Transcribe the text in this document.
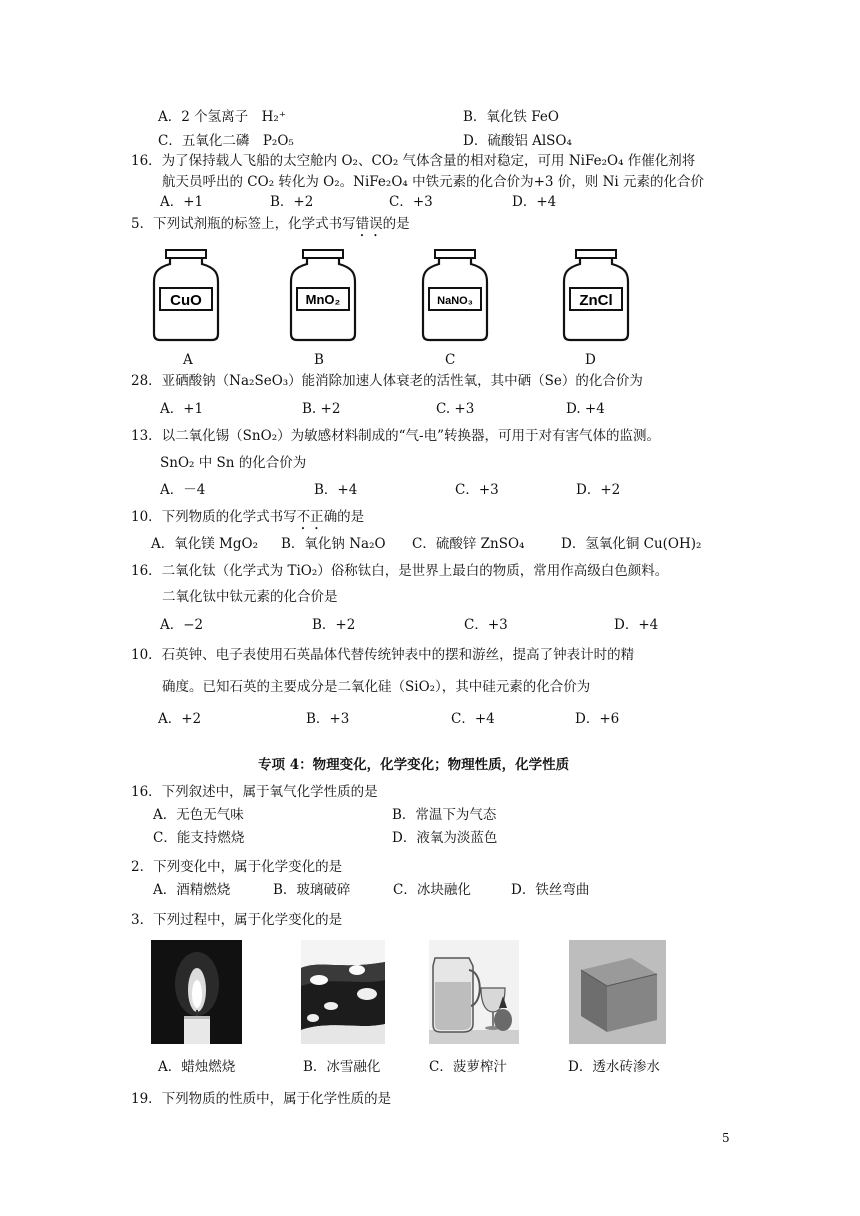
A．2 个氢离子　H₂⁺	B．氧化铁 FeO
C．五氧化二磷　P₂O₅	D．硫酸铝 AlSO₄
16．为了保持载人飞船的太空舱内 O₂、CO₂ 气体含量的相对稳定，可用 NiFe₂O₄ 作催化剂将
航天员呼出的 CO₂ 转化为 O₂。NiFe₂O₄ 中铁元素的化合价为+3 价，则 Ni 元素的化合价
A．+1	B．+2	C．+3	D．+4
5．下列试剂瓶的标签上，化学式书写错误的是
CuO	MnO₂	NaNO₃	ZnCl
A	B	C	D
28．亚硒酸钠（Na₂SeO₃）能消除加速人体衰老的活性氧，其中硒（Se）的化合价为
A．+1	B. +2	C. +3	D. +4
13．以二氧化锡（SnO₂）为敏感材料制成的“气-电”转换器，可用于对有害气体的监测。
SnO₂ 中 Sn 的化合价为
A．－4	B．+4	C．+3	D．+2
10．下列物质的化学式书写不正确的是
A．氧化镁 MgO₂ B．氧化钠 Na₂O C．硫酸锌 ZnSO₄	D．氢氧化铜 Cu(OH)₂
16．二氧化钛（化学式为 TiO₂）俗称钛白，是世界上最白的物质，常用作高级白色颜料。
二氧化钛中钛元素的化合价是
A．−2	B．+2	C．+3	D．+4
10．石英钟、电子表使用石英晶体代替传统钟表中的摆和游丝，提高了钟表计时的精
确度。已知石英的主要成分是二氧化硅（SiO₂），其中硅元素的化合价为
A．+2	B．+3	C．+4	D．+6
专项 4：物理变化，化学变化；物理性质，化学性质
16．下列叙述中，属于氧气化学性质的是
A．无色无气味	B．常温下为气态
C．能支持燃烧	D．液氧为淡蓝色
2．下列变化中，属于化学变化的是
A．酒精燃烧	B．玻璃破碎	C．冰块融化	D．铁丝弯曲
3．下列过程中，属于化学变化的是
A．蜡烛燃烧	B．冰雪融化	C．菠萝榨汁	D．透水砖渗水
19．下列物质的性质中，属于化学性质的是
5
